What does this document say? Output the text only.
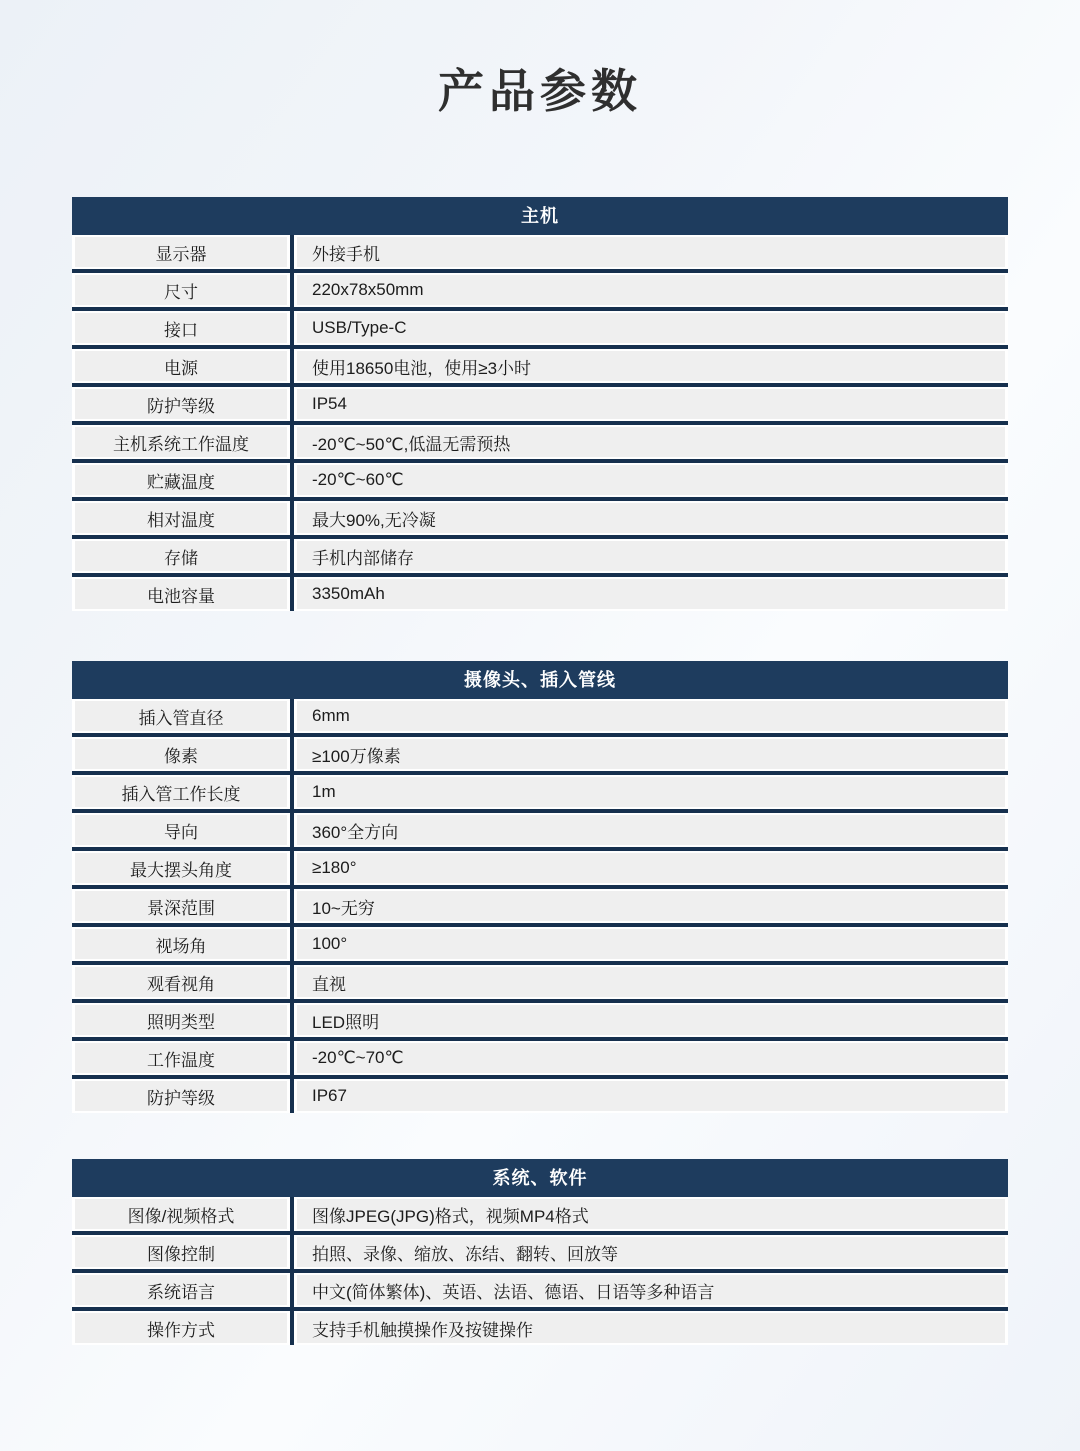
产品参数
主机
显示器	外接手机
尺寸	220x78x50mm
接口	USB/Type-C
电源	使用18650电池，使用≥3小时
防护等级	IP54
主机系统工作温度	-20℃~50℃,低温无需预热
贮藏温度	-20℃~60℃
相对温度	最大90%,无冷凝
存储	手机内部储存
电池容量	3350mAh
摄像头、插入管线
插入管直径	6mm
像素	≥100万像素
插入管工作长度	1m
导向	360°全方向
最大摆头角度	≥180°
景深范围	10~无穷
视场角	100°
观看视角	直视
照明类型	LED照明
工作温度	-20℃~70℃
防护等级	IP67
系统、软件
图像/视频格式	图像JPEG(JPG)格式，视频MP4格式
图像控制	拍照、录像、缩放、冻结、翻转、回放等
系统语言	中文(简体繁体)、英语、法语、德语、日语等多种语言
操作方式	支持手机触摸操作及按键操作
